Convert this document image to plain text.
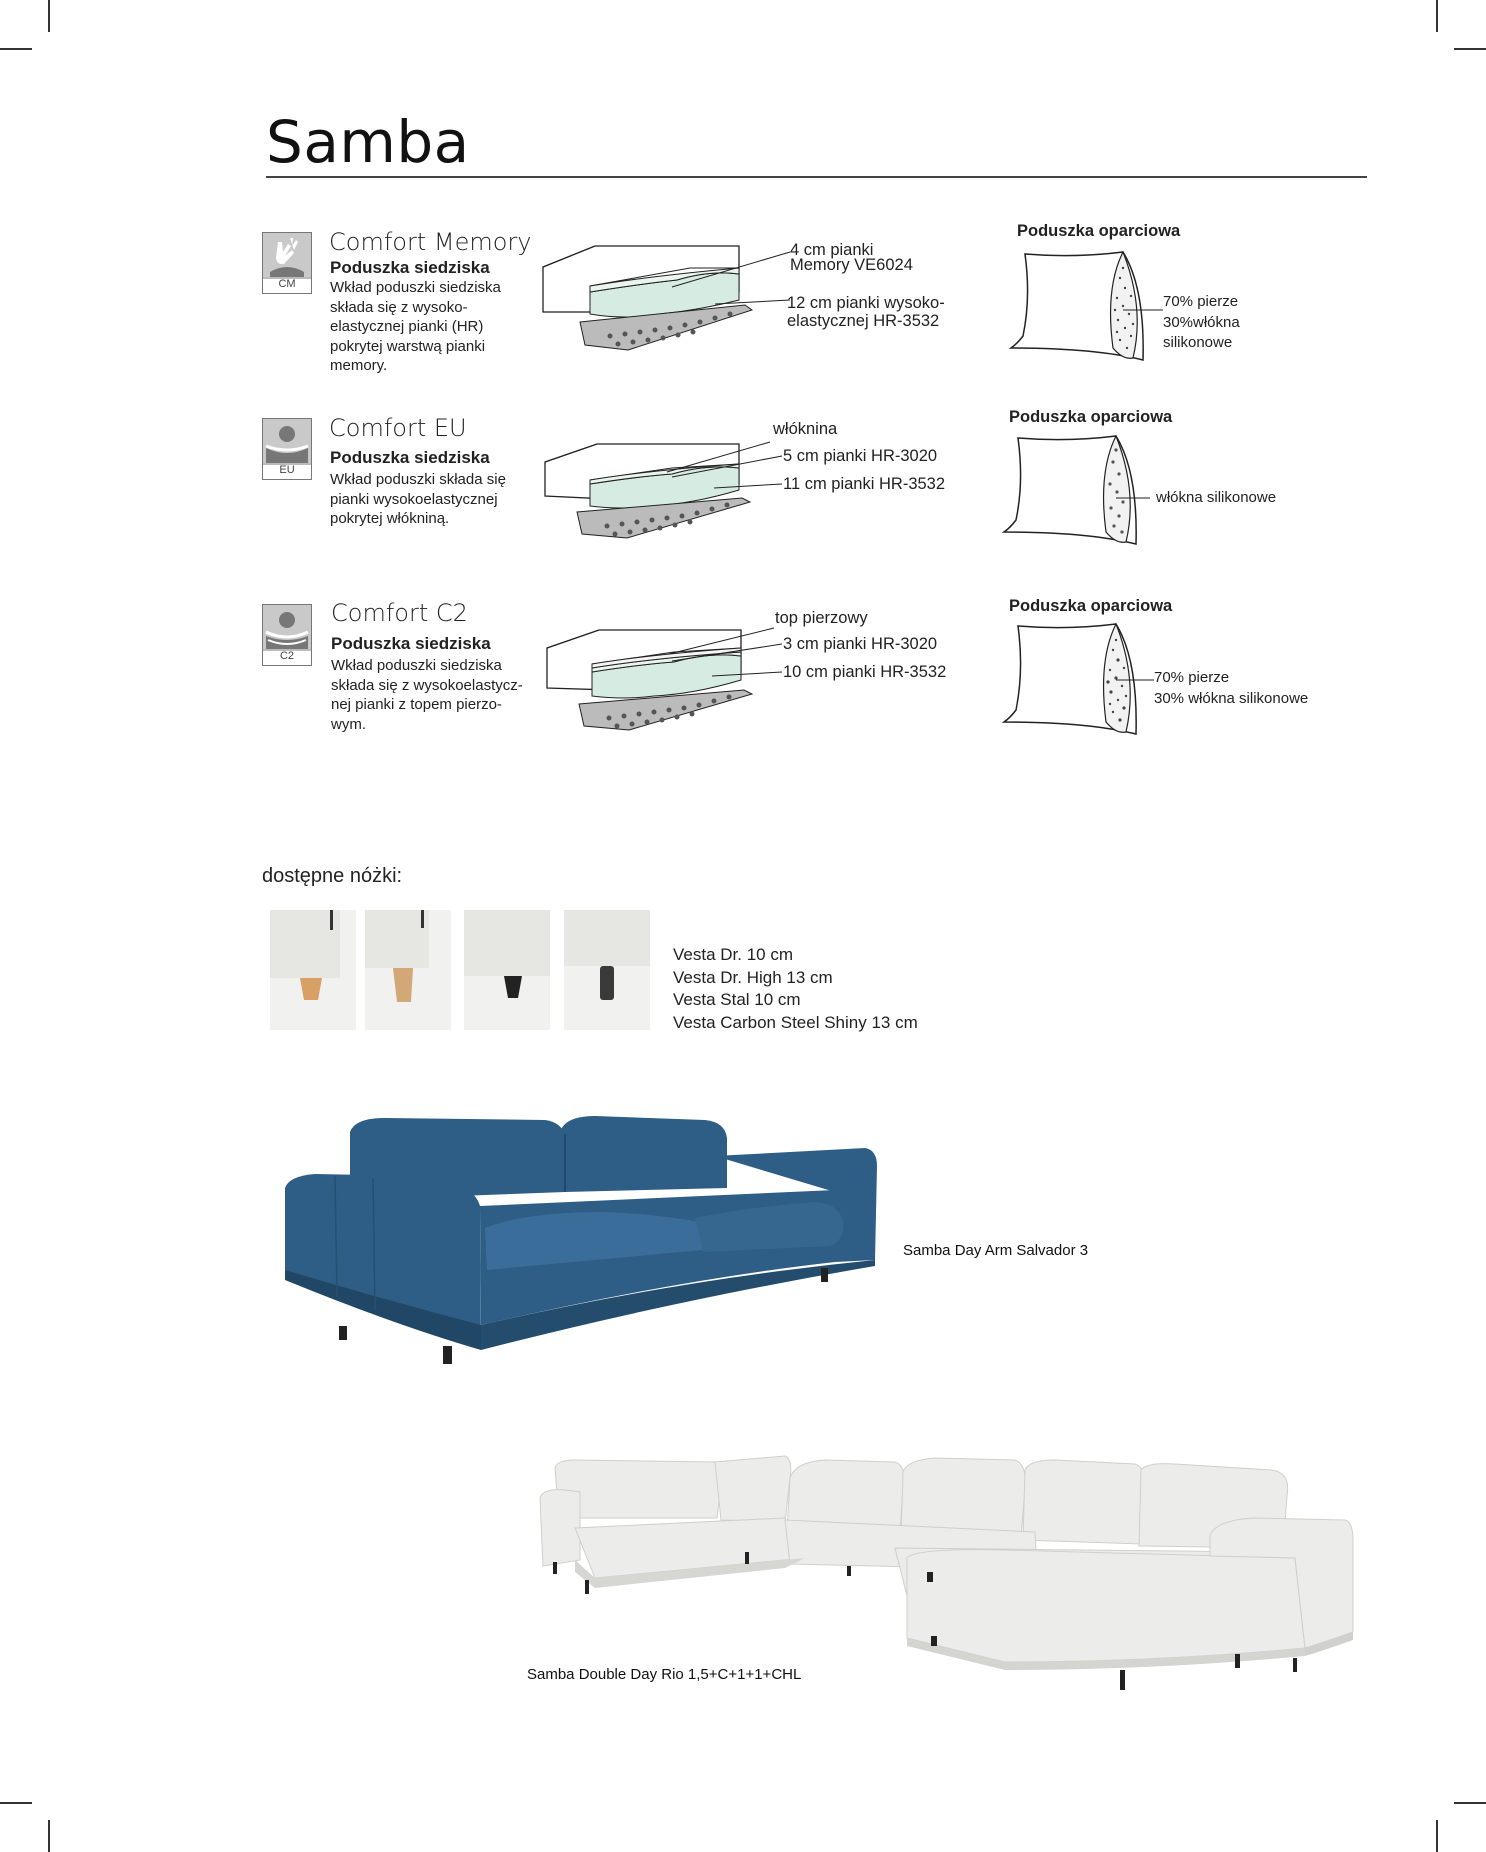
Samba
CM
Comfort Memory
Poduszka siedziska
Wkład poduszki siedziska
składa się z wysoko-
elastycznej pianki (HR)
pokrytej warstwą pianki
memory.
4 cm pianki
Memory VE6024
12 cm pianki wysoko-
elastycznej HR-3532
Poduszka oparciowa
70% pierze
30%włókna
silikonowe
EU
Comfort EU
Poduszka siedziska
Wkład poduszki składa się
pianki wysokoelastycznej
pokrytej włókniną.
włóknina
5 cm pianki HR-3020
11 cm pianki HR-3532
Poduszka oparciowa
włókna silikonowe
C2
Comfort C2
Poduszka siedziska
Wkład poduszki siedziska
składa się z wysokoelastycz-
nej pianki z topem pierzo-
wym.
top pierzowy
3 cm pianki HR-3020
10 cm pianki HR-3532
Poduszka oparciowa
70% pierze
30% włókna silikonowe
dostępne nóżki:
Vesta Dr. 10 cm
Vesta Dr. High 13 cm
Vesta Stal 10 cm
Vesta Carbon Steel Shiny 13 cm
Samba Day Arm Salvador 3
Samba Double Day Rio 1,5+C+1+1+CHL
